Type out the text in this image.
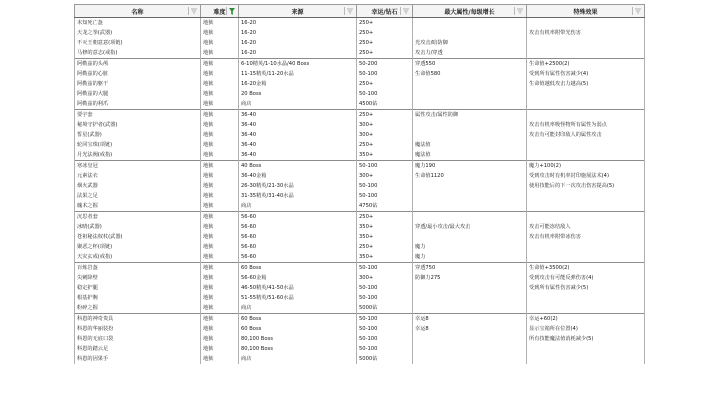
名称	难度	来源	幸运/钻石	最大属性/每级增长	特殊效果

末知死亡盔	地狱	16-20	250+		
天龙之拳(武器)	地狱	16-20	250+		攻击有机率附带光伤害
不灭王朝意意(项链)	地狱	16-20	250+	光攻击/暗防御	
马修的意志(戒指)	地狱	16-20	250+	攻击力/穿透	
阿勒兹的头颅	地狱	6-10精英/1-10水晶/40 Boss	50-200	穿透550	生命值+2500(2)
阿勒兹的心脏	地狱	11-15精英/11-20水晶	50-100	生命值580	受到所有属性伤害减少(4)
阿勒兹的躯干	地狱	16-20金箱	250+		生命值越低攻击力越高(5)
阿勒兹的大腿	地狱	20 Boss	50-100		
阿勒兹的利爪	地狱	商店	4500钻		
要宇套	地狱	36-40	250+	属性攻击/属性防御	
秘境守护者(武器)	地狱	36-40	300+		攻击有机率吸怪物所有属性为弱点
誓星(武器)	地狱	36-40	300+		攻击有可能封印敌人的属性攻击
轮回宝珠(项链)	地狱	36-40	250+	魔法值	
月光法阀(戒指)	地狱	36-40	350+	魔法值	
寒冰皇冠	地狱	40 Boss	50-100	魔力190	魔力+100(2)
元素法衣	地狱	36-40金箱	300+	生命值1120	受到攻击时有机率封印施展法术(4)
烟火武器	地狱	26-30精英/21-30水晶	50-100		使用技能后的下一次攻击伤害提高(5)
法果之足	地狱	31-35精英/31-40水晶	50-100		
魄术之握	地狱	商店	4750钻		
沉思者套	地狱	56-60	250+		
冰晴(武器)	地狱	56-60	350+	穿透/最小攻击/最大攻击	攻击可能冻结敌人
苍祖秘法权杖(武器)	地狱	56-60	350+		攻击有机率附带冰伤害
聚恶之杯(项链)	地狱	56-60	250+	魔力	
天灾玄戒(戒指)	地狱	56-60	350+	魔力	
百炼岩盔	地狱	60 Boss	50-100	穿透750	生命值+3500(2)
尖刺降壁	地狱	56-60金箱	300+	防御力275	受到攻击有可能反弹伤害(4)
稳定护腿	地狱	46-50精英/41-50水晶	50-100		受到所有属性伤害减少(5)
根基护腕	地狱	51-55精英/51-60水晶	50-100		
粉碎之握	地狱	商店	5000钻		
科恩的神奇贵具	地狱	60 Boss	50-100	幸运8	幸运+60(2)
科恩的华丽装扮	地狱	60 Boss	50-100	幸运8	显示宝箱所在位置(4)
科恩的无底口袋	地狱	80,100 Boss	50-100		所有技能魔法值消耗减少(5)
科恩的踏云足	地狱	80,100 Boss	50-100		
科恩的因果手	地狱	商店	5000钻		
